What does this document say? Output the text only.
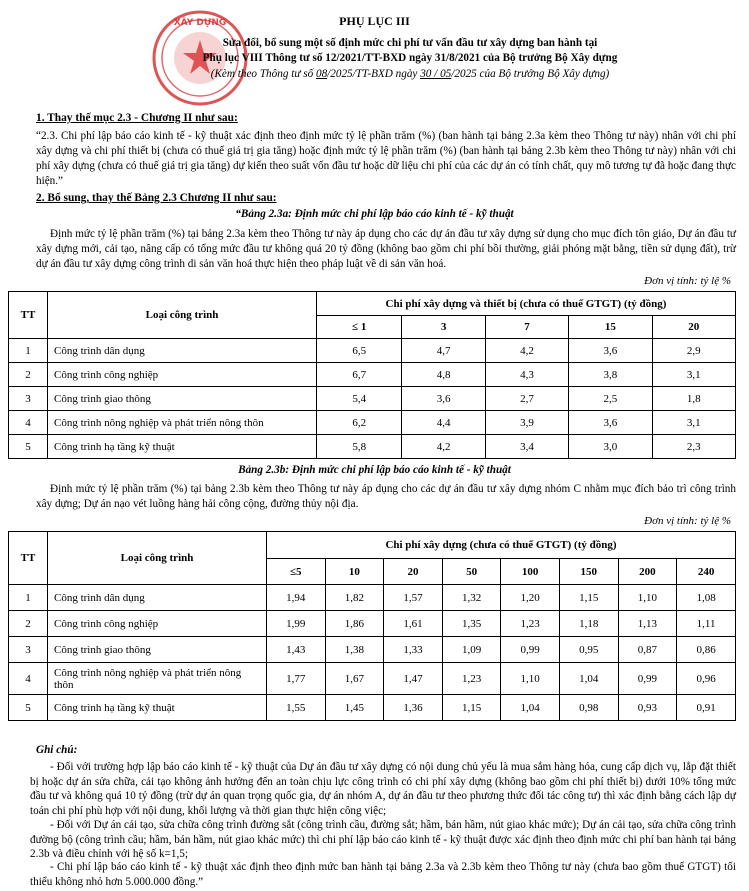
XÂY DỰNG	PHỤ LỤC III
Sửa đổi, bổ sung một số định mức chi phí tư vấn đầu tư xây dựng ban hành tại
Phụ lục VIII Thông tư số 12/2021/TT-BXD ngày 31/8/2021 của Bộ trưởng Bộ Xây dựng
(Kèm theo Thông tư số 08/2025/TT-BXD ngày 30 / 05/2025 của Bộ trưởng Bộ Xây dựng)
1. Thay thế mục 2.3 - Chương II như sau:
“2.3. Chi phí lập báo cáo kinh tế - kỹ thuật xác định theo định mức tỷ lệ phần trăm (%) (ban hành tại bảng 2.3a kèm theo Thông tư này) nhân với chi phí xây dựng và chi phí thiết bị (chưa có thuế giá trị gia tăng) hoặc định mức tỷ lệ phần trăm (%) (ban hành tại bảng 2.3b kèm theo Thông tư này) nhân với chi phí xây dựng (chưa có thuế giá trị gia tăng) dự kiến theo suất vốn đầu tư hoặc dữ liệu chi phí của các dự án có tính chất, quy mô tương tự đã hoặc đang thực hiện.”
2. Bổ sung, thay thế Bảng 2.3 Chương II như sau:
“Bảng 2.3a: Định mức chi phí lập báo cáo kinh tế - kỹ thuật
Định mức tỷ lệ phần trăm (%) tại bảng 2.3a kèm theo Thông tư này áp dụng cho các dự án đầu tư xây dựng sử dụng cho mục đích tôn giáo, Dự án đầu tư xây dựng mới, cải tạo, nâng cấp có tổng mức đầu tư không quá 20 tỷ đồng (không bao gồm chi phí bồi thường, giải phóng mặt bằng, tiền sử dụng đất), trừ dự án đầu tư xây dựng công trình di sản văn hoá thực hiện theo pháp luật về di sản văn hoá.
Đơn vị tính: tỷ lệ %
TT	Loại công trình	Chi phí xây dựng và thiết bị (chưa có thuế GTGT) (tỷ đồng)				
		≤ 1	3	7	15	20
1	Công trình dân dụng	6,5	4,7	4,2	3,6	2,9
2	Công trình công nghiệp	6,7	4,8	4,3	3,8	3,1
3	Công trình giao thông	5,4	3,6	2,7	2,5	1,8
4	Công trình nông nghiệp và phát triển nông thôn	6,2	4,4	3,9	3,6	3,1
5	Công trình hạ tầng kỹ thuật	5,8	4,2	3,4	3,0	2,3
Bảng 2.3b: Định mức chi phí lập báo cáo kinh tế - kỹ thuật
Định mức tỷ lệ phần trăm (%) tại bảng 2.3b kèm theo Thông tư này áp dụng cho các dự án đầu tư xây dựng nhóm C nhằm mục đích bảo trì công trình xây dựng; Dự án nạo vét luồng hàng hải công cộng, đường thủy nội địa.
Đơn vị tính: tỷ lệ %
TT	Loại công trình	Chi phí xây dựng (chưa có thuế GTGT) (tỷ đồng)							
		≤5	10	20	50	100	150	200	240
1	Công trình dân dụng	1,94	1,82	1,57	1,32	1,20	1,15	1,10	1,08
2	Công trình công nghiệp	1,99	1,86	1,61	1,35	1,23	1,18	1,13	1,11
3	Công trình giao thông	1,43	1,38	1,33	1,09	0,99	0,95	0,87	0,86
4	Công trình nông nghiệp và phát triển nông thôn	1,77	1,67	1,47	1,23	1,10	1,04	0,99	0,96
5	Công trình hạ tầng kỹ thuật	1,55	1,45	1,36	1,15	1,04	0,98	0,93	0,91
Ghi chú:
- Đối với trường hợp lập báo cáo kinh tế - kỹ thuật của Dự án đầu tư xây dựng có nội dung chủ yếu là mua sắm hàng hóa, cung cấp dịch vụ, lắp đặt thiết bị hoặc dự án sửa chữa, cải tạo không ảnh hưởng đến an toàn chịu lực công trình có chi phí xây dựng (không bao gồm chi phí thiết bị) dưới 10% tổng mức đầu tư và không quá 10 tỷ đồng (trừ dự án quan trọng quốc gia, dự án nhóm A, dự án đầu tư theo phương thức đối tác công tư) thì xác định bằng cách lập dự toán chi phí phù hợp với nội dung, khối lượng và thời gian thực hiện công việc;
- Đối với Dự án cải tạo, sửa chữa công trình đường sắt (công trình cầu, đường sắt; hầm, bán hầm, nút giao khác mức); Dự án cải tạo, sửa chữa công trình đường bộ (công trình cầu; hầm, bán hầm, nút giao khác mức) thì chi phí lập báo cáo kinh tế - kỹ thuật được xác định theo định mức chi phí ban hành tại bảng 2.3b và điều chỉnh với hệ số k=1,5;
- Chi phí lập báo cáo kinh tế - kỹ thuật xác định theo định mức ban hành tại bảng 2.3a và 2.3b kèm theo Thông tư này (chưa bao gồm thuế GTGT) tối thiểu không nhỏ hơn 5.000.000 đồng.”
